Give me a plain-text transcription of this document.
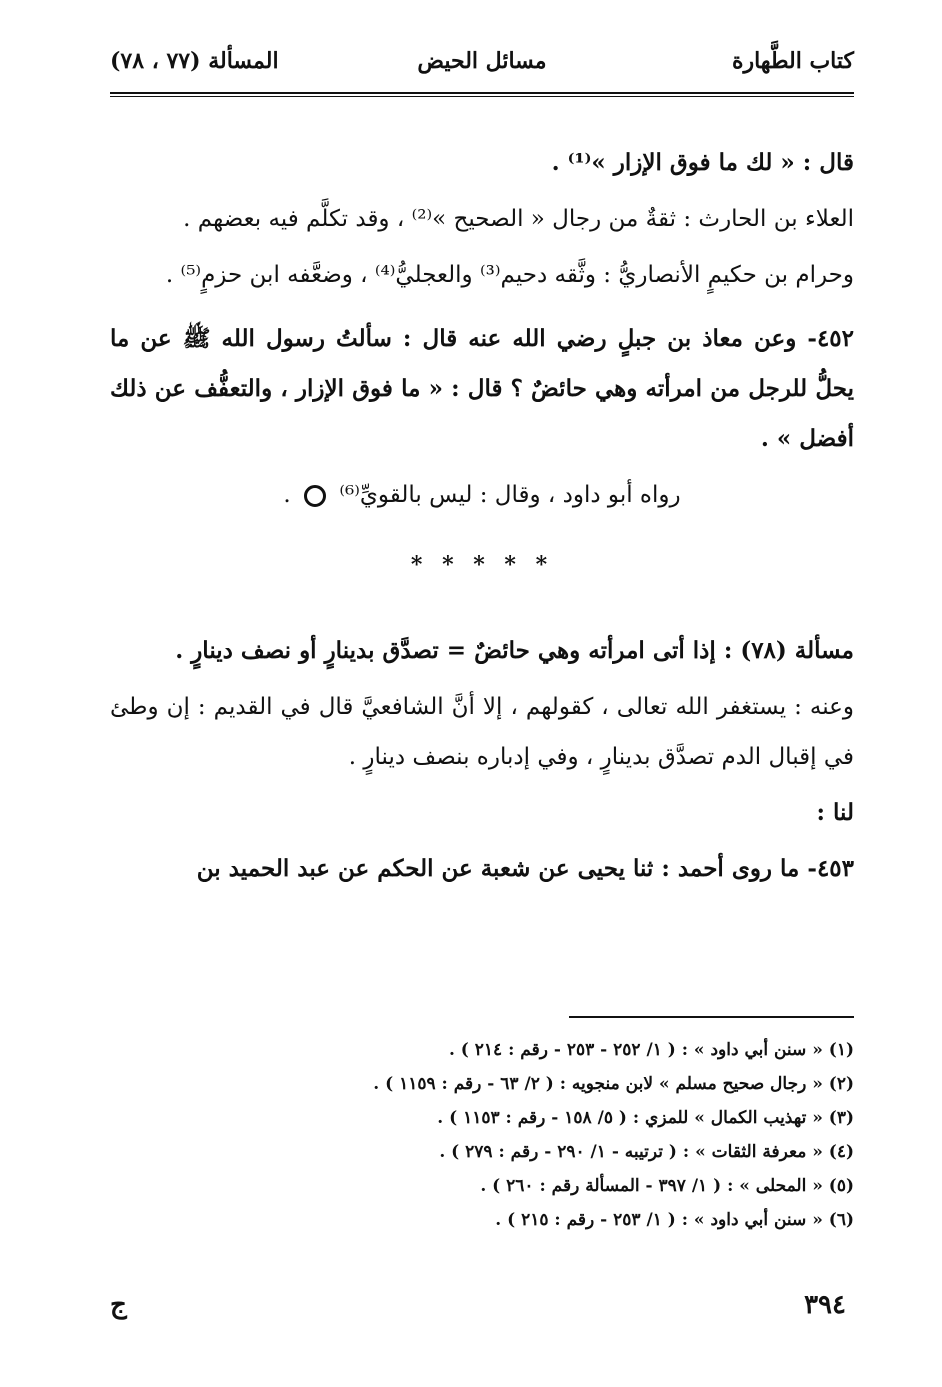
كتاب الطَّهارة
مسائل الحيض
المسألة (٧٧ ، ٧٨)

قال : « لك ما فوق الإزار »⁽¹⁾ .

العلاء بن الحارث : ثقةٌ من رجال « الصحيح »⁽²⁾ ، وقد تكلَّم فيه بعضهم .

وحرام بن حكيمٍ الأنصاريُّ : وثَّقه دحيم⁽³⁾ والعجليُّ⁽⁴⁾ ، وضعَّفه ابن حزمٍ⁽⁵⁾ .

٤٥٢- وعن معاذ بن جبلٍ رضي الله عنه قال : سألتُ رسول الله ﷺ عن ما يحلُّ للرجل من امرأته وهي حائضٌ ؟ قال : « ما فوق الإزار ، والتعفُّف عن ذلك أفضل » .

رواه أبو داود ، وقال : ليس بالقويِّ⁽⁶⁾  .

* * * * *

مسألة (٧٨) : إذا أتى امرأته وهي حائضٌ = تصدَّق بدينارٍ أو نصف دينارٍ .

وعنه : يستغفر الله تعالى ، كقولهم ، إلا أنَّ الشافعيَّ قال في القديم : إن وطئ في إقبال الدم تصدَّق بدينارٍ ، وفي إدباره بنصف دينارٍ .

لنا :

٤٥٣- ما روى أحمد : ثنا يحيى عن شعبة عن الحكم عن عبد الحميد بن

(١) « سنن أبي داود » : ( ١/ ٢٥٢ - ٢٥٣ - رقم : ٢١٤ ) .
(٢) « رجال صحيح مسلم » لابن منجويه : ( ٢/ ٦٣ - رقم : ١١٥٩ ) .
(٣) « تهذيب الكمال » للمزي : ( ٥/ ١٥٨ - رقم : ١١٥٣ ) .
(٤) « معرفة الثقات » : ( ترتيبه - ١/ ٢٩٠ - رقم : ٢٧٩ ) .
(٥) « المحلى » : ( ١/ ٣٩٧ - المسألة رقم : ٢٦٠ ) .
(٦) « سنن أبي داود » : ( ١/ ٢٥٣ - رقم : ٢١٥ ) .
٣٩٤
ج
